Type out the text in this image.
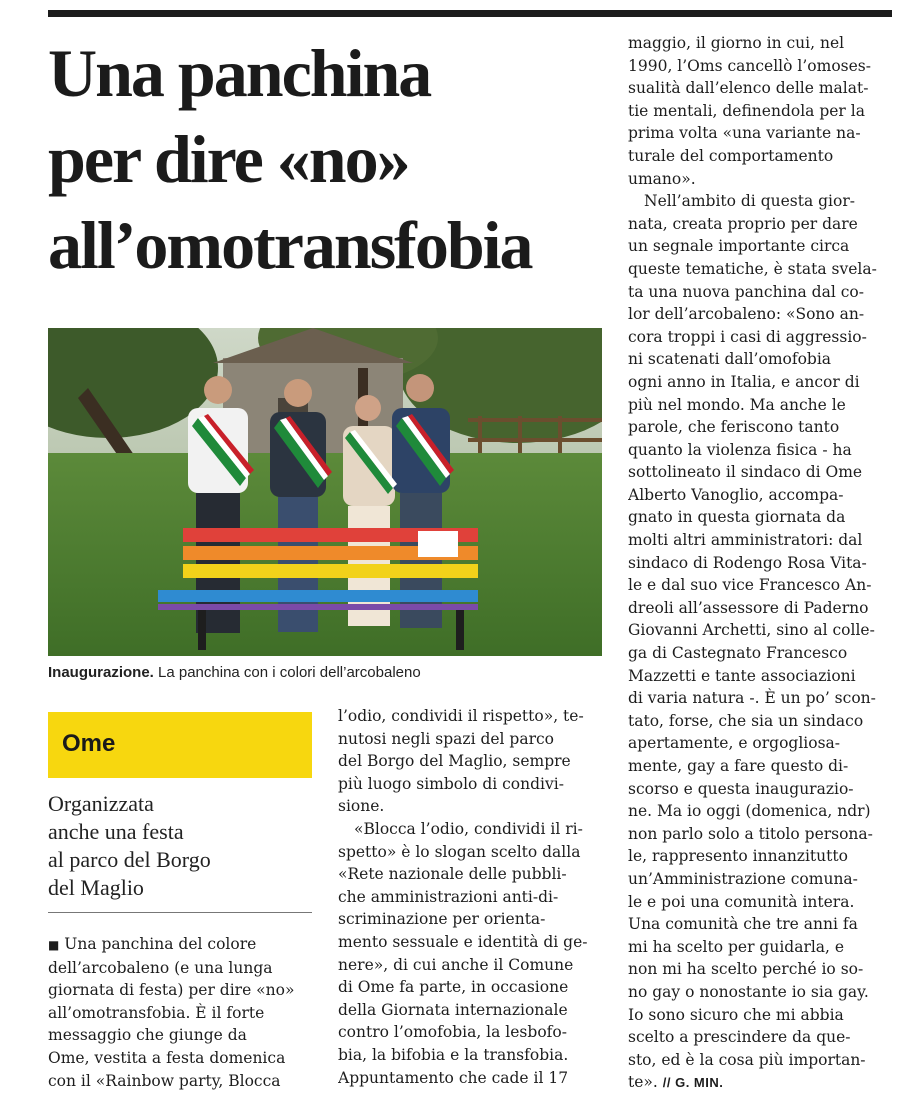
Una panchina
per dire «no»
all’omotransfobia
Inaugurazione. La panchina con i colori dell’arcobaleno
Ome
Organizzata
anche una festa
al parco del Borgo
del Maglio
■ Una panchina del colore
dell’arcobaleno (e una lunga
giornata di festa) per dire «no»
all’omotransfobia. È il forte
messaggio che giunge da
Ome, vestita a festa domenica
con il «Rainbow party, Blocca
l’odio, condividi il rispetto», te-
nutosi negli spazi del parco
del Borgo del Maglio, sempre
più luogo simbolo di condivi-
sione.
«Blocca l’odio, condividi il ri-
spetto» è lo slogan scelto dalla
«Rete nazionale delle pubbli-
che amministrazioni anti-di-
scriminazione per orienta-
mento sessuale e identità di ge-
nere», di cui anche il Comune
di Ome fa parte, in occasione
della Giornata internazionale
contro l’omofobia, la lesbofo-
bia, la bifobia e la transfobia.
Appuntamento che cade il 17
maggio, il giorno in cui, nel
1990, l’Oms cancellò l’omoses-
sualità dall’elenco delle malat-
tie mentali, definendola per la
prima volta «una variante na-
turale del comportamento
umano».
Nell’ambito di questa gior-
nata, creata proprio per dare
un segnale importante circa
queste tematiche, è stata svela-
ta una nuova panchina dal co-
lor dell’arcobaleno: «Sono an-
cora troppi i casi di aggressio-
ni scatenati dall’omofobia
ogni anno in Italia, e ancor di
più nel mondo. Ma anche le
parole, che feriscono tanto
quanto la violenza fisica - ha
sottolineato il sindaco di Ome
Alberto Vanoglio, accompa-
gnato in questa giornata da
molti altri amministratori: dal
sindaco di Rodengo Rosa Vita-
le e dal suo vice Francesco An-
dreoli all’assessore di Paderno
Giovanni Archetti, sino al colle-
ga di Castegnato Francesco
Mazzetti e tante associazioni
di varia natura -. È un po’ scon-
tato, forse, che sia un sindaco
apertamente, e orgogliosa-
mente, gay a fare questo di-
scorso e questa inaugurazio-
ne. Ma io oggi (domenica, ndr)
non parlo solo a titolo persona-
le, rappresento innanzitutto
un’Amministrazione comuna-
le e poi una comunità intera.
Una comunità che tre anni fa
mi ha scelto per guidarla, e
non mi ha scelto perché io so-
no gay o nonostante io sia gay.
Io sono sicuro che mi abbia
scelto a prescindere da que-
sto, ed è la cosa più importan-
te». // G. MIN.
